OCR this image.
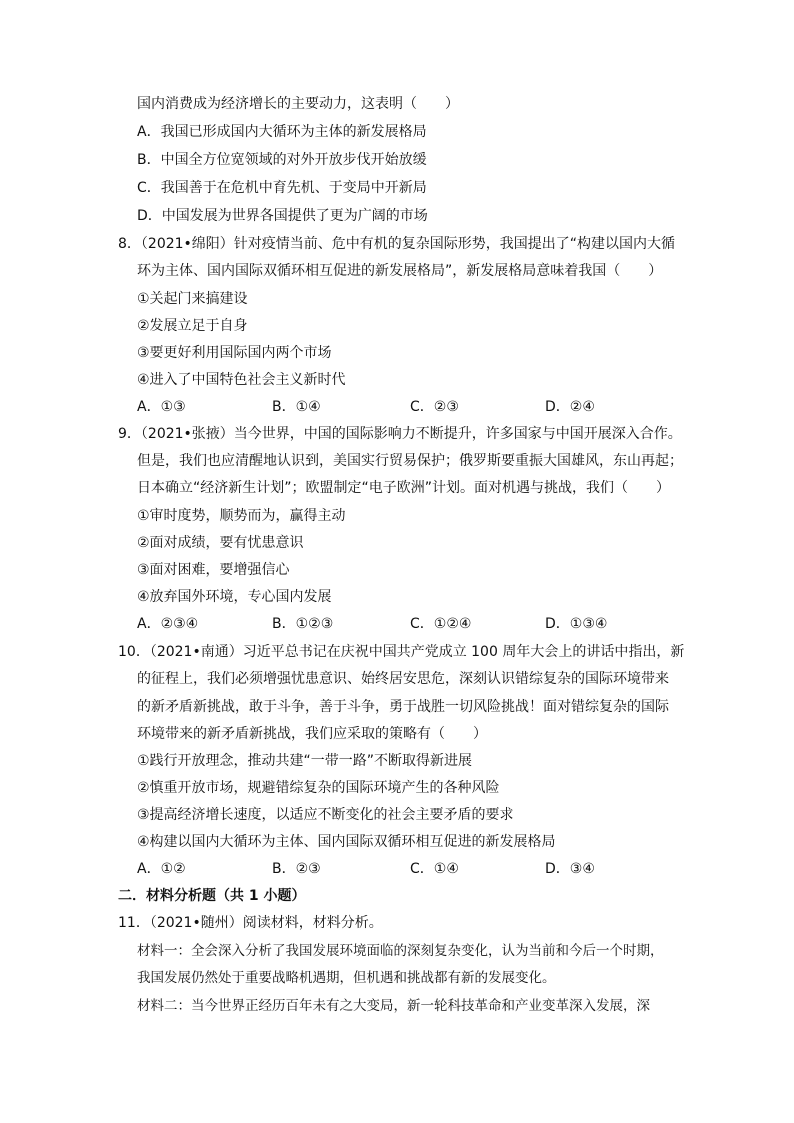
国内消费成为经济增长的主要动力，这表明（　　）
A．我国已形成国内大循环为主体的新发展格局
B．中国全方位宽领域的对外开放步伐开始放缓
C．我国善于在危机中育先机、于变局中开新局
D．中国发展为世界各国提供了更为广阔的市场
8．（2021•绵阳）针对疫情当前、危中有机的复杂国际形势，我国提出了“构建以国内大循
环为主体、国内国际双循环相互促进的新发展格局”，新发展格局意味着我国（　　）
①关起门来搞建设
②发展立足于自身
③要更好利用国际国内两个市场
④进入了中国特色社会主义新时代
A．①③	B．①④	C．②③	D．②④
9．（2021•张掖）当今世界，中国的国际影响力不断提升，许多国家与中国开展深入合作。
但是，我们也应清醒地认识到，美国实行贸易保护；俄罗斯要重振大国雄风，东山再起；
日本确立“经济新生计划”；欧盟制定“电子欧洲”计划。面对机遇与挑战，我们（　　）
①审时度势，顺势而为，赢得主动
②面对成绩，要有忧患意识
③面对困难，要增强信心
④放弃国外环境，专心国内发展
A．②③④	B．①②③	C．①②④	D．①③④
10．（2021•南通）习近平总书记在庆祝中国共产党成立 100 周年大会上的讲话中指出，新
的征程上，我们必须增强忧患意识、始终居安思危，深刻认识错综复杂的国际环境带来
的新矛盾新挑战，敢于斗争，善于斗争，勇于战胜一切风险挑战！面对错综复杂的国际
环境带来的新矛盾新挑战，我们应采取的策略有（　　）
①践行开放理念，推动共建“一带一路”不断取得新进展
②慎重开放市场，规避错综复杂的国际环境产生的各种风险
③提高经济增长速度，以适应不断变化的社会主要矛盾的要求
④构建以国内大循环为主体、国内国际双循环相互促进的新发展格局
A．①②	B．②③	C．①④	D．③④
二．材料分析题（共 1 小题）
11．（2021•随州）阅读材料，材料分析。
材料一：全会深入分析了我国发展环境面临的深刻复杂变化，认为当前和今后一个时期，
我国发展仍然处于重要战略机遇期，但机遇和挑战都有新的发展变化。
材料二：当今世界正经历百年未有之大变局，新一轮科技革命和产业变革深入发展，深
